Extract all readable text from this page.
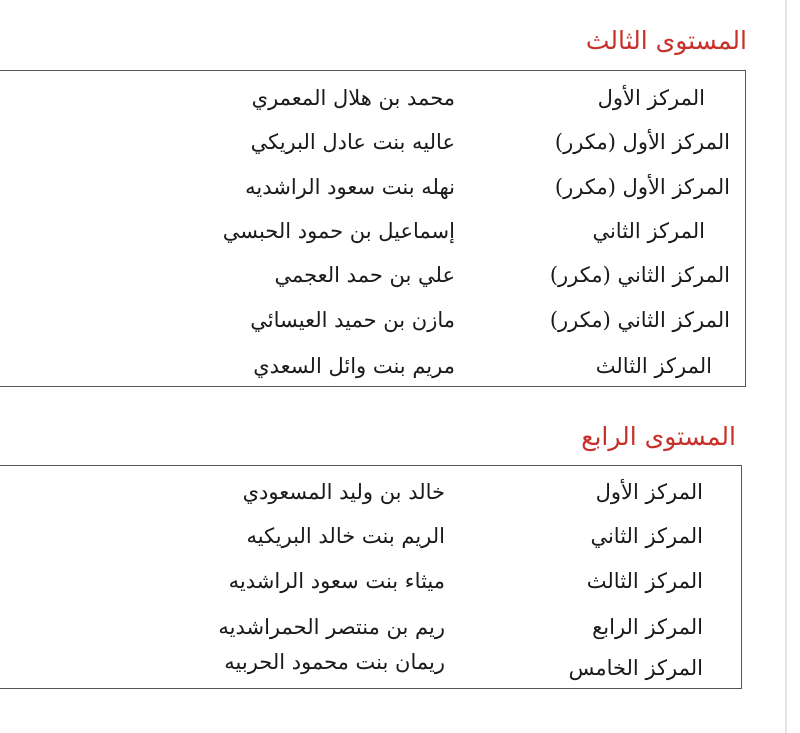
المستوى الثالث
المركز الأول
محمد بن هلال المعمري
المركز الأول (مكرر)
عاليه بنت عادل البريكي
المركز الأول (مكرر)
نهله بنت سعود الراشديه
المركز الثاني
إسماعيل بن حمود الحبسي
المركز الثاني (مكرر)
علي بن حمد العجمي
المركز الثاني (مكرر)
مازن بن حميد العيسائي
المركز الثالث
مريم بنت وائل السعدي
المستوى الرابع
المركز الأول
خالد بن وليد المسعودي
المركز الثاني
الريم بنت خالد البريكيه
المركز الثالث
ميثاء بنت سعود الراشديه
المركز الرابع
ريم بن منتصر الحمراشديه
المركز الخامس
ريمان بنت محمود الحربيه
